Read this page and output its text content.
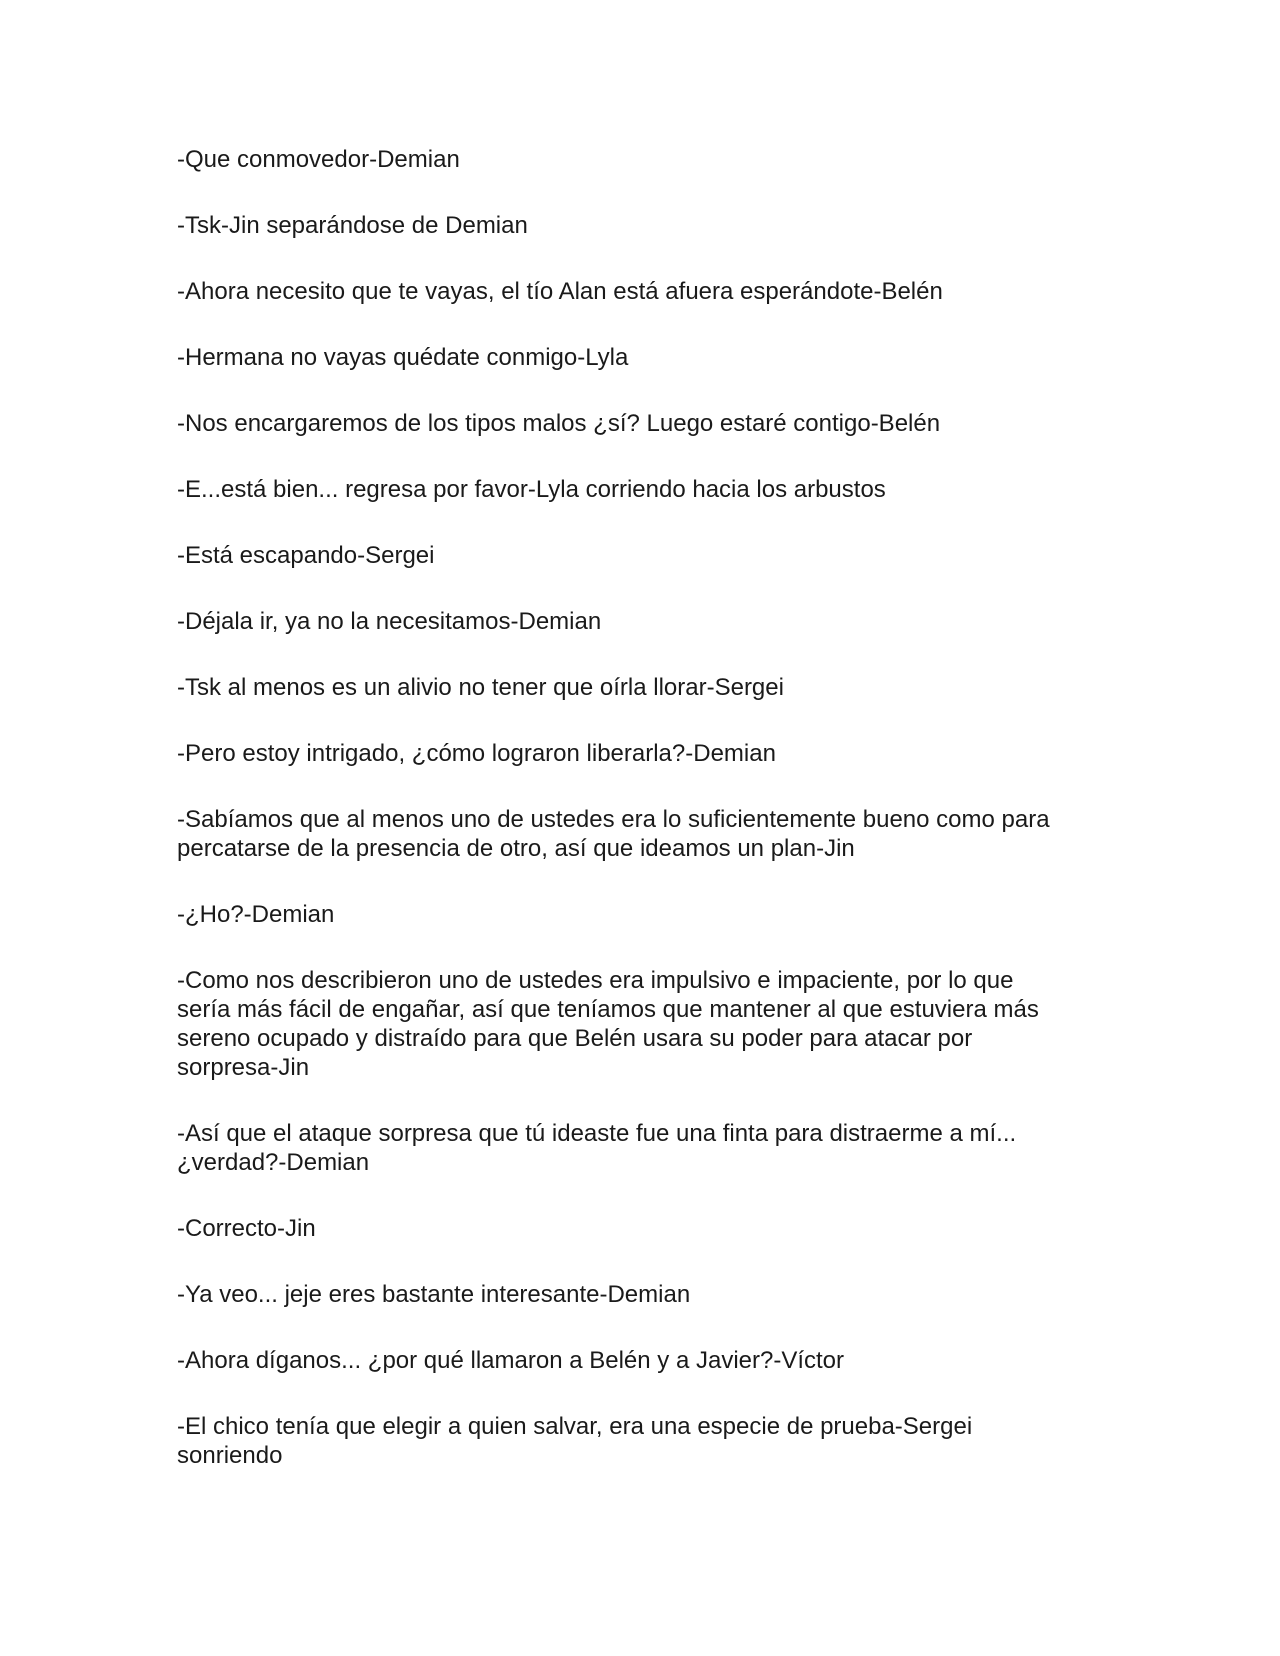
-Que conmovedor-Demian

-Tsk-Jin separándose de Demian

-Ahora necesito que te vayas, el tío Alan está afuera esperándote-Belén

-Hermana no vayas quédate conmigo-Lyla

-Nos encargaremos de los tipos malos ¿sí? Luego estaré contigo-Belén

-E...está bien... regresa por favor-Lyla corriendo hacia los arbustos

-Está escapando-Sergei

-Déjala ir, ya no la necesitamos-Demian

-Tsk al menos es un alivio no tener que oírla llorar-Sergei

-Pero estoy intrigado, ¿cómo lograron liberarla?-Demian

-Sabíamos que al menos uno de ustedes era lo suficientemente bueno como para
percatarse de la presencia de otro, así que ideamos un plan-Jin

-¿Ho?-Demian

-Como nos describieron uno de ustedes era impulsivo e impaciente, por lo que
sería más fácil de engañar, así que teníamos que mantener al que estuviera más
sereno ocupado y distraído para que Belén usara su poder para atacar por
sorpresa-Jin

-Así que el ataque sorpresa que tú ideaste fue una finta para distraerme a mí...
¿verdad?-Demian

-Correcto-Jin

-Ya veo... jeje eres bastante interesante-Demian

-Ahora díganos... ¿por qué llamaron a Belén y a Javier?-Víctor

-El chico tenía que elegir a quien salvar, era una especie de prueba-Sergei
sonriendo
